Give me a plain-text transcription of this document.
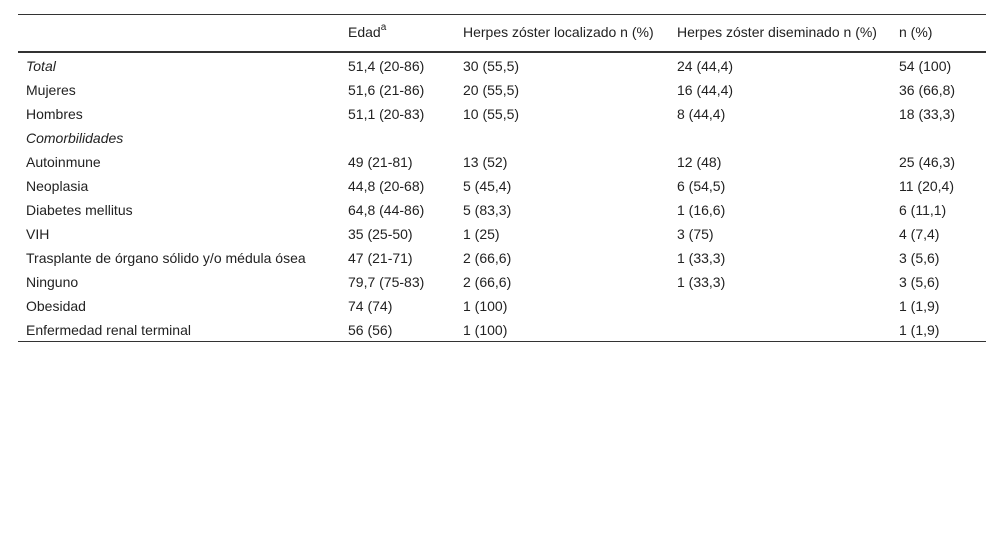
	Edad$^a$	Herpes zóster localizado n (%)	Herpes zóster diseminado n (%)	n (%)
Total	51,4 (20-86)	30 (55,5)	24 (44,4)	54 (100)
Mujeres	51,6 (21-86)	20 (55,5)	16 (44,4)	36 (66,8)
Hombres	51,1 (20-83)	10 (55,5)	8 (44,4)	18 (33,3)
Comorbilidades				
Autoinmune	49 (21-81)	13 (52)	12 (48)	25 (46,3)
Neoplasia	44,8 (20-68)	5 (45,4)	6 (54,5)	11 (20,4)
Diabetes mellitus	64,8 (44-86)	5 (83,3)	1 (16,6)	6 (11,1)
VIH	35 (25-50)	1 (25)	3 (75)	4 (7,4)
Trasplante de órgano sólido y/o médula ósea	47 (21-71)	2 (66,6)	1 (33,3)	3 (5,6)
Ninguno	79,7 (75-83)	2 (66,6)	1 (33,3)	3 (5,6)
Obesidad	74 (74)	1 (100)		1 (1,9)
Enfermedad renal terminal	56 (56)	1 (100)		1 (1,9)
